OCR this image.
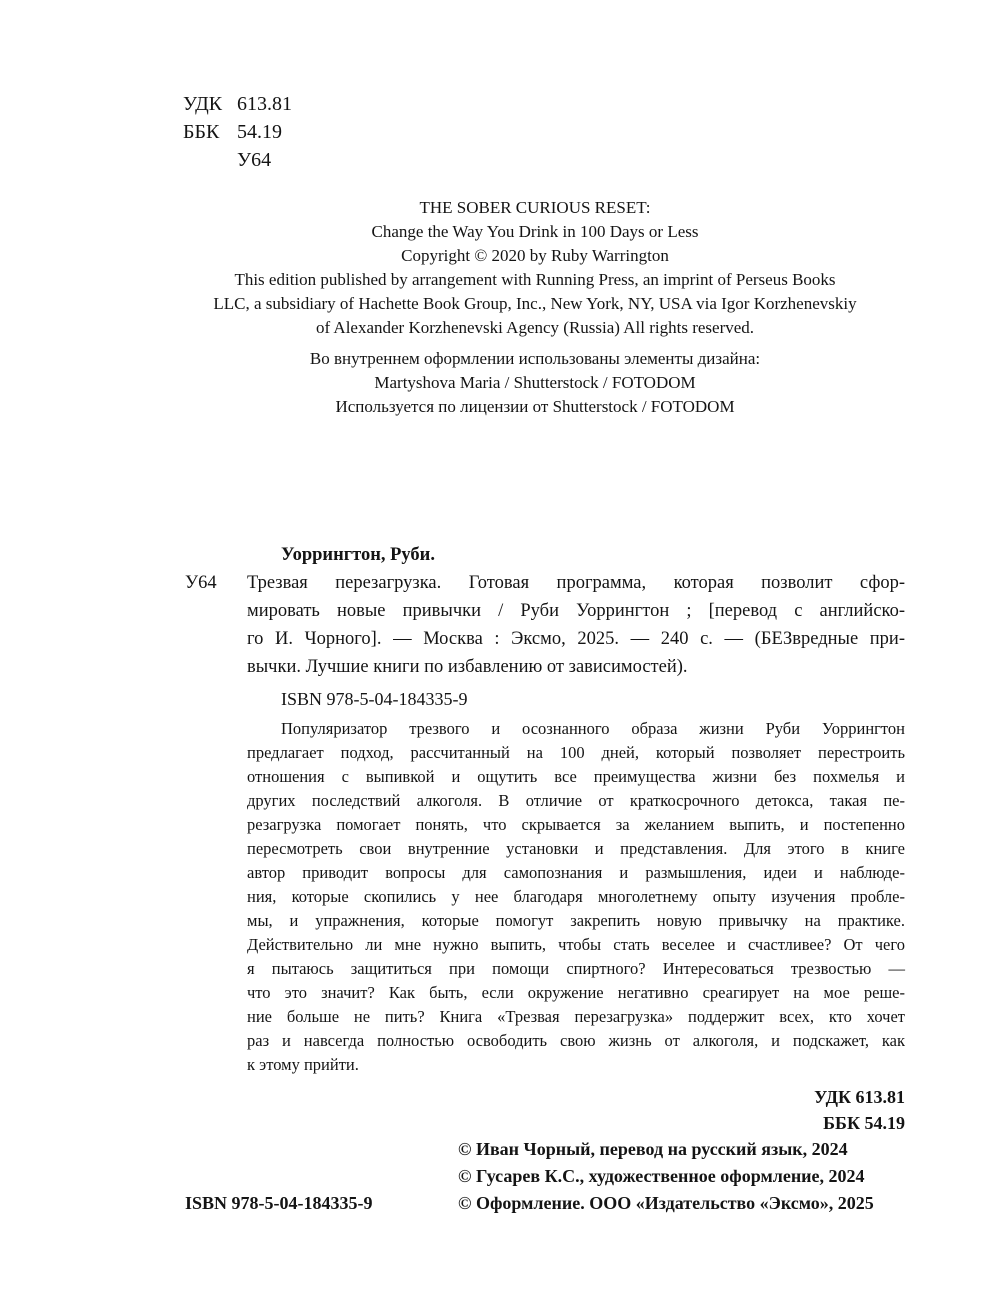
УДК 613.81
ББК 54.19
У64
THE SOBER CURIOUS RESET:
Change the Way You Drink in 100 Days or Less
Copyright © 2020 by Ruby Warrington
This edition published by arrangement with Running Press, an imprint of Perseus Books
LLC, a subsidiary of Hachette Book Group, Inc., New York, NY, USA via Igor Korzhenevskiy
of Alexander Korzhenevski Agency (Russia) All rights reserved.
Во внутреннем оформлении использованы элементы дизайна:
Martyshova Maria / Shutterstock / FOTODOM
Используется по лицензии от Shutterstock / FOTODOM
У64
Уоррингтон, Руби.
Трезвая перезагрузка. Готовая программа, которая позволит сфор-
мировать новые привычки / Руби Уоррингтон ; [перевод с английско-
го И. Чорного]. — Москва : Эксмо, 2025. — 240 с. — (БЕЗвредные при-
вычки. Лучшие книги по избавлению от зависимостей).
ISBN 978-5-04-184335-9
Популяризатор трезвого и осознанного образа жизни Руби Уоррингтон
предлагает подход, рассчитанный на 100 дней, который позволяет перестроить
отношения с выпивкой и ощутить все преимущества жизни без похмелья и
других последствий алкоголя. В отличие от краткосрочного детокса, такая пе-
резагрузка помогает понять, что скрывается за желанием выпить, и постепенно
пересмотреть свои внутренние установки и представления. Для этого в книге
автор приводит вопросы для самопознания и размышления, идеи и наблюде-
ния, которые скопились у нее благодаря многолетнему опыту изучения пробле-
мы, и упражнения, которые помогут закрепить новую привычку на практике.
Действительно ли мне нужно выпить, чтобы стать веселее и счастливее? От чего
я пытаюсь защититься при помощи спиртного? Интересоваться трезвостью —
что это значит? Как быть, если окружение негативно среагирует на мое реше-
ние больше не пить? Книга «Трезвая перезагрузка» поддержит всех, кто хочет
раз и навсегда полностью освободить свою жизнь от алкоголя, и подскажет, как
к этому прийти.
УДК 613.81
ББК 54.19
ISBN 978-5-04-184335-9
© Иван Чорный, перевод на русский язык, 2024
© Гусарев К.С., художественное оформление, 2024
© Оформление. ООО «Издательство «Эксмо», 2025
